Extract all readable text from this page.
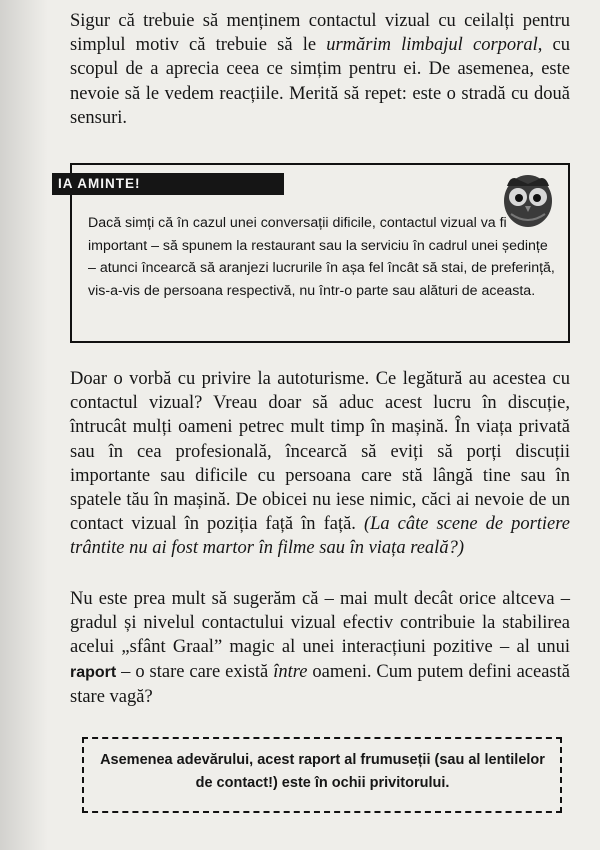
Sigur că trebuie să menținem contactul vizual cu ceilalți pentru simplul motiv că trebuie să le urmărim limbajul corporal, cu scopul de a aprecia ceea ce simțim pentru ei. De asemenea, este nevoie să le vedem reacțiile. Merită să repet: este o stradă cu două sensuri.

IA AMINTE!

Dacă simți că în cazul unei conversații dificile, contactul vizual va fi important – să spunem la restaurant sau la serviciu în cadrul unei ședințe – atunci încearcă să aranjezi lucrurile în așa fel încât să stai, de preferință, vis-a-vis de persoana respectivă, nu într-o parte sau alături de aceasta.

Doar o vorbă cu privire la autoturisme. Ce legătură au acestea cu contactul vizual? Vreau doar să aduc acest lucru în discuție, întrucât mulți oameni petrec mult timp în mașină. În viața privată sau în cea profesională, încearcă să eviți să porți discuții importante sau dificile cu persoana care stă lângă tine sau în spatele tău în mașină. De obicei nu iese nimic, căci ai nevoie de un contact vizual în poziția față în față. (La câte scene de portiere trântite nu ai fost martor în filme sau în viața reală?)

Nu este prea mult să sugerăm că – mai mult decât orice altceva – gradul și nivelul contactului vizual efectiv contribuie la stabilirea acelui „sfânt Graal” magic al unei interacțiuni pozitive – al unui raport – o stare care există între oameni. Cum putem defini această stare vagă?

Asemenea adevărului, acest raport al frumuseții (sau al lentilelor de contact!) este în ochii privitorului.
